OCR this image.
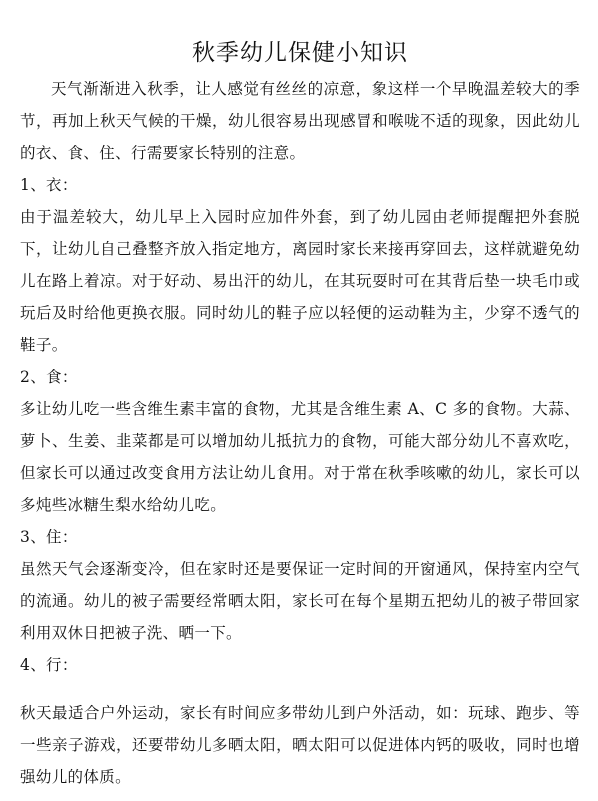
秋季幼儿保健小知识

天气渐渐进入秋季，让人感觉有丝丝的凉意，象这样一个早晚温差较大的季节，再加上秋天气候的干燥，幼儿很容易出现感冒和喉咙不适的现象，因此幼儿的衣、食、住、行需要家长特别的注意。

1、衣：

由于温差较大，幼儿早上入园时应加件外套，到了幼儿园由老师提醒把外套脱下，让幼儿自己叠整齐放入指定地方，离园时家长来接再穿回去，这样就避免幼儿在路上着凉。对于好动、易出汗的幼儿，在其玩耍时可在其背后垫一块毛巾或玩后及时给他更换衣服。同时幼儿的鞋子应以轻便的运动鞋为主，少穿不透气的鞋子。

2、食：

多让幼儿吃一些含维生素丰富的食物，尤其是含维生素 A、C 多的食物。大蒜、萝卜、生姜、韭菜都是可以增加幼儿抵抗力的食物，可能大部分幼儿不喜欢吃，但家长可以通过改变食用方法让幼儿食用。对于常在秋季咳嗽的幼儿，家长可以多炖些冰糖生梨水给幼儿吃。

3、住：

虽然天气会逐渐变冷，但在家时还是要保证一定时间的开窗通风，保持室内空气的流通。幼儿的被子需要经常晒太阳，家长可在每个星期五把幼儿的被子带回家利用双休日把被子洗、晒一下。

4、行：

秋天最适合户外运动，家长有时间应多带幼儿到户外活动，如：玩球、跑步、等一些亲子游戏，还要带幼儿多晒太阳，晒太阳可以促进体内钙的吸收，同时也增强幼儿的体质。
